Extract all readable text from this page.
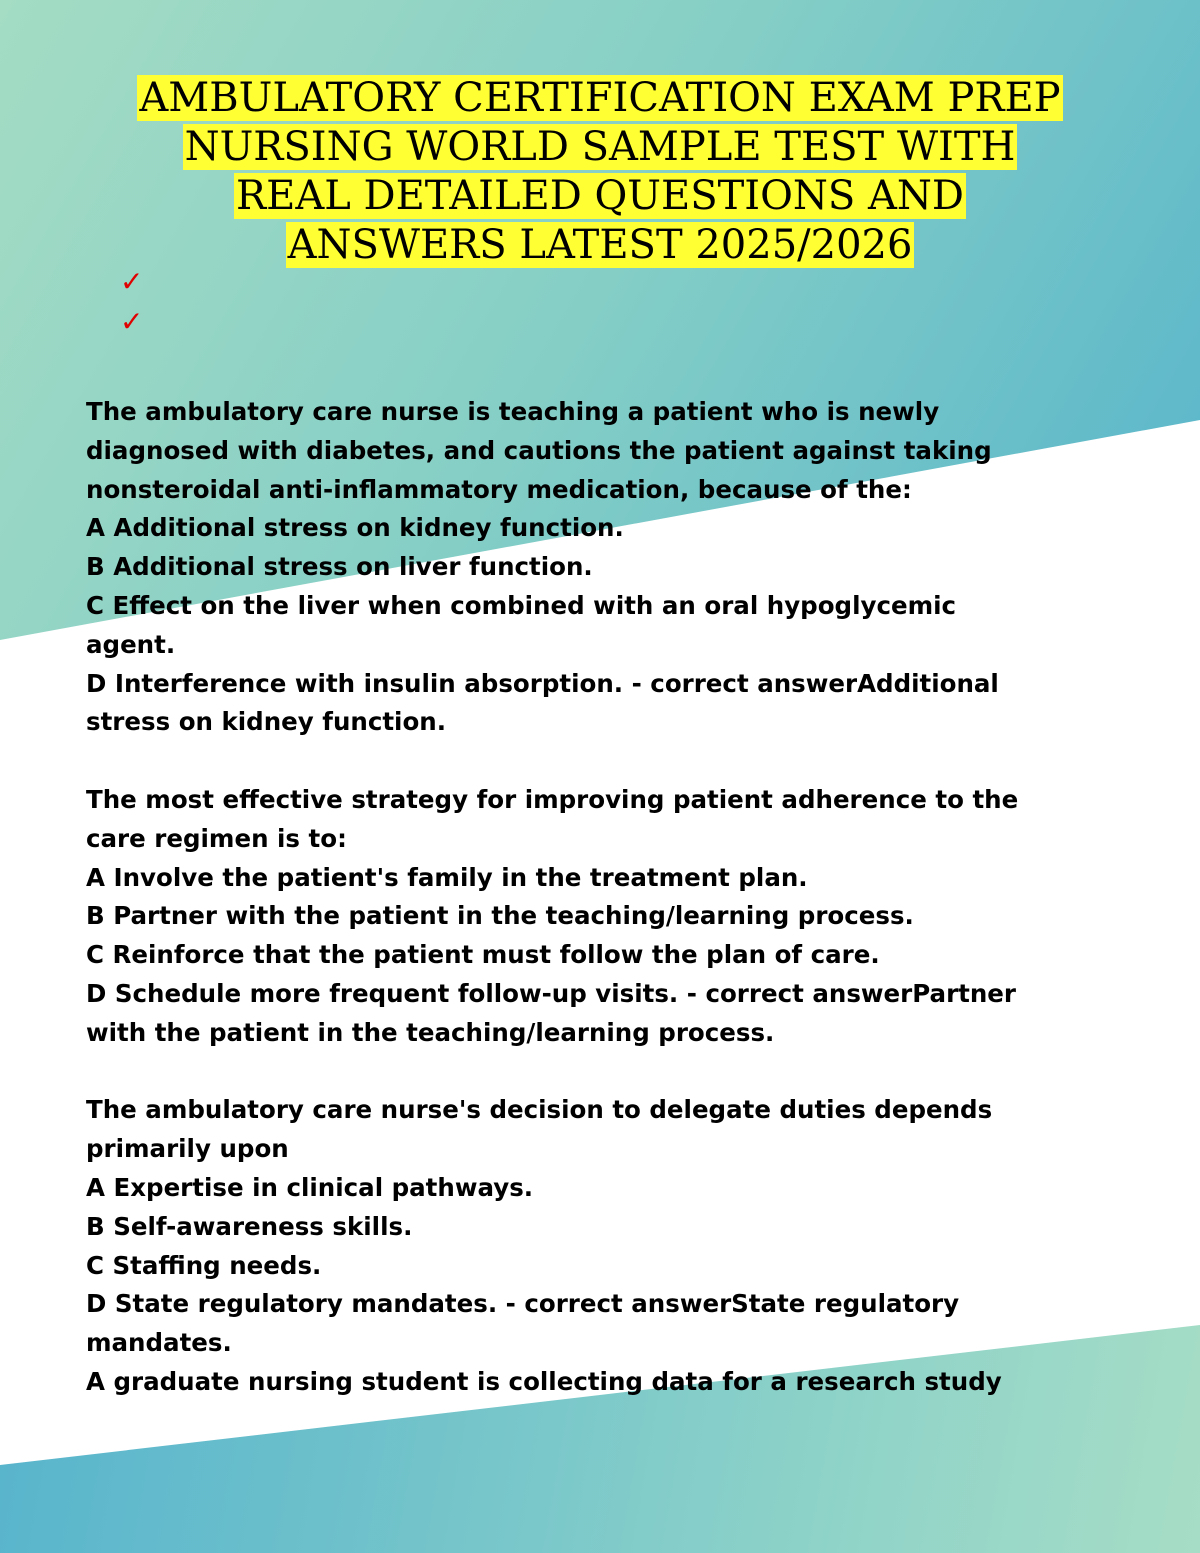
AMBULATORY CERTIFICATION EXAM PREP
NURSING WORLD SAMPLE TEST WITH
REAL DETAILED QUESTIONS AND
ANSWERS LATEST 2025/2026
✓
✓

The ambulatory care nurse is teaching a patient who is newly

diagnosed with diabetes, and cautions the patient against taking

nonsteroidal anti-inflammatory medication, because of the:

A Additional stress on kidney function.

B Additional stress on liver function.

C Effect on the liver when combined with an oral hypoglycemic

agent.

D Interference with insulin absorption. - correct answerAdditional

stress on kidney function.

The most effective strategy for improving patient adherence to the

care regimen is to:

A Involve the patient's family in the treatment plan.

B Partner with the patient in the teaching/learning process.

C Reinforce that the patient must follow the plan of care.

D Schedule more frequent follow-up visits. - correct answerPartner

with the patient in the teaching/learning process.

The ambulatory care nurse's decision to delegate duties depends

primarily upon

A Expertise in clinical pathways.

B Self-awareness skills.

C Staffing needs.

D State regulatory mandates. - correct answerState regulatory

mandates.

A graduate nursing student is collecting data for a research study
